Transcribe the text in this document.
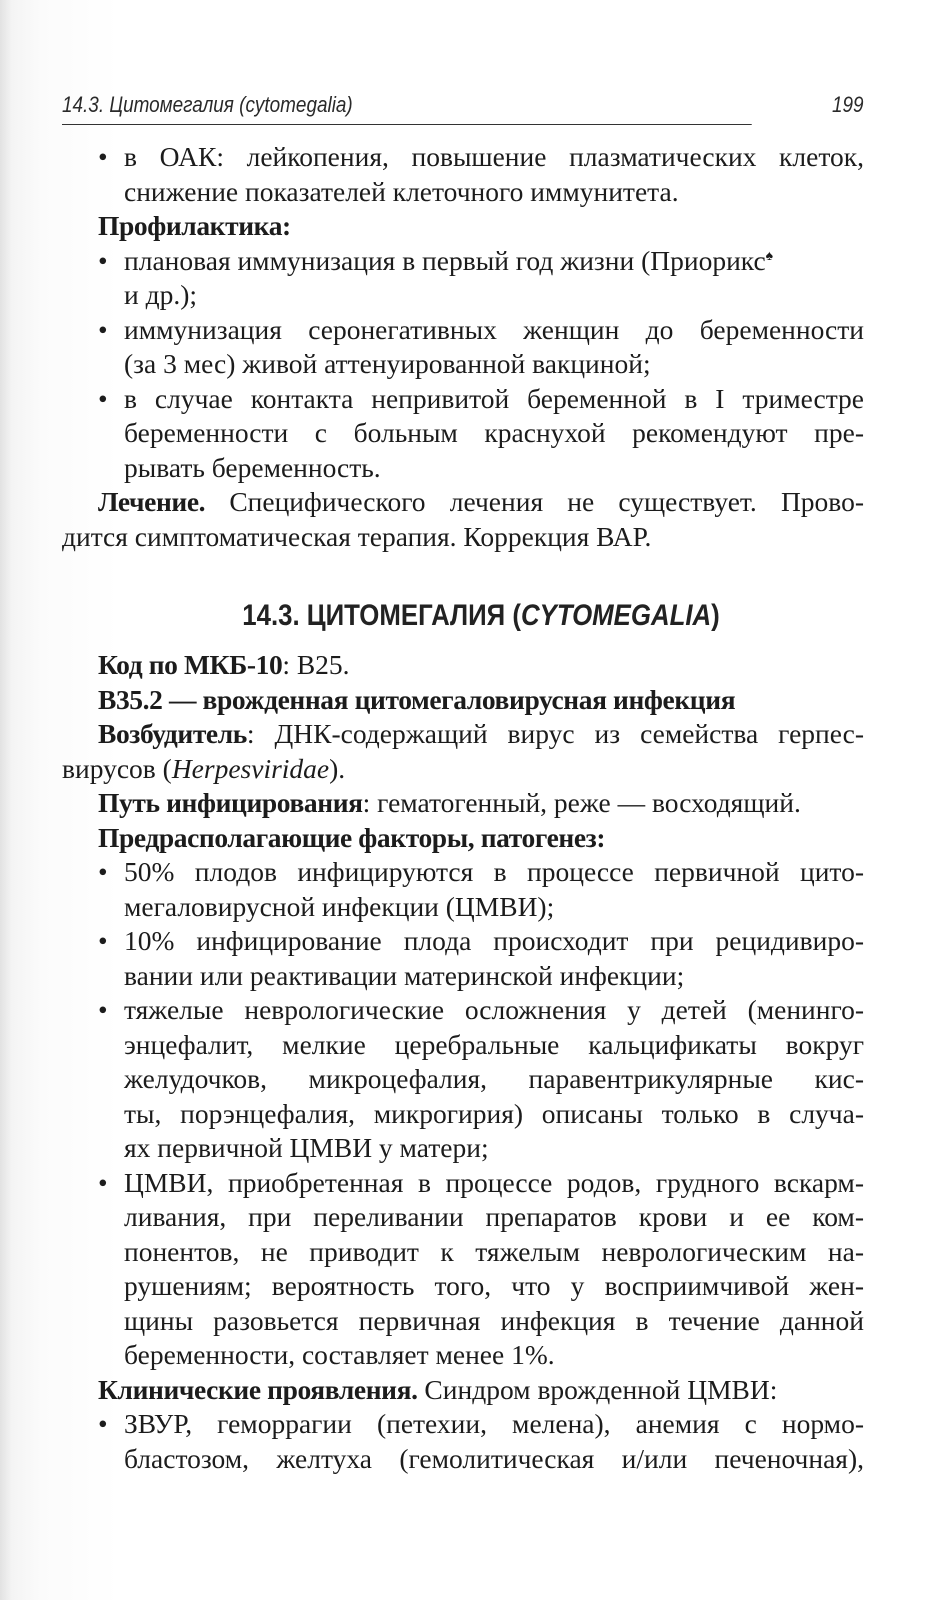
14.3. Цитомегалия (cytomegalia)	199
• в ОАК: лейкопения, повышение плазматических клеток,
снижение показателей клеточного иммунитета.
Профилактика:
• плановая иммунизация в первый год жизни (Приорикс♠
и др.);
• иммунизация серонегативных женщин до беременности
(за 3 мес) живой аттенуированной вакциной;
• в случае контакта непривитой беременной в I триместре
беременности с больным краснухой рекомендуют пре-
рывать беременность.
Лечение. Специфического лечения не существует. Прово-
дится симптоматическая терапия. Коррекция ВАР.
14.3. ЦИТОМЕГАЛИЯ (CYTOMEGALIA)
Код по МКБ-10: В25.
В35.2 — врожденная цитомегаловирусная инфекция
Возбудитель: ДНК-содержащий вирус из семейства герпес-
вирусов (Herpesviridae).
Путь инфицирования: гематогенный, реже — восходящий.
Предрасполагающие факторы, патогенез:
• 50% плодов инфицируются в процессе первичной цито-
мегаловирусной инфекции (ЦМВИ);
• 10% инфицирование плода происходит при рецидивиро-
вании или реактивации материнской инфекции;
• тяжелые неврологические осложнения у детей (менинго-
энцефалит, мелкие церебральные кальцификаты вокруг
желудочков, микроцефалия, паравентрикулярные кис-
ты, порэнцефалия, микрогирия) описаны только в случа-
ях первичной ЦМВИ у матери;
• ЦМВИ, приобретенная в процессе родов, грудного вскарм-
ливания, при переливании препаратов крови и ее ком-
понентов, не приводит к тяжелым неврологическим на-
рушениям; вероятность того, что у восприимчивой жен-
щины разовьется первичная инфекция в течение данной
беременности, составляет менее 1%.
Клинические проявления. Синдром врожденной ЦМВИ:
• ЗВУР, геморрагии (петехии, мелена), анемия с нормо-
бластозом, желтуха (гемолитическая и/или печеночная),
